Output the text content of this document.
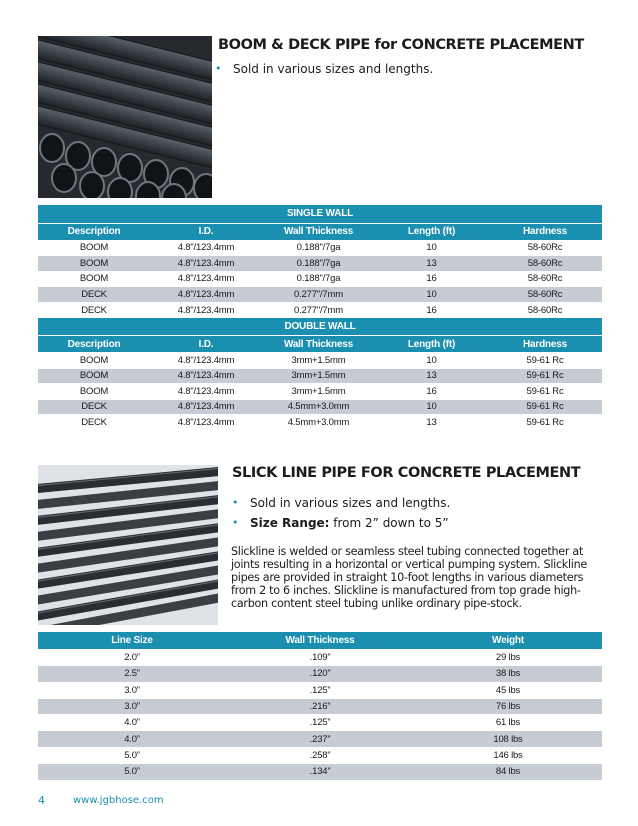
BOOM & DECK PIPE for CONCRETE PLACEMENT
• Sold in various sizes and lengths.
SINGLE WALL				
Description	I.D.	Wall Thickness	Length (ft)	Hardness
BOOM	4.8"/123.4mm	0.188"/7ga	10	58-60Rc
BOOM	4.8"/123.4mm	0.188"/7ga	13	58-60Rc
BOOM	4.8"/123.4mm	0.188"/7ga	16	58-60Rc
DECK	4.8"/123.4mm	0.277"/7mm	10	58-60Rc
DECK	4.8"/123.4mm	0.277"/7mm	16	58-60Rc
DOUBLE WALL				
Description	I.D.	Wall Thickness	Length (ft)	Hardness
BOOM	4.8"/123.4mm	3mm+1.5mm	10	59-61 Rc
BOOM	4.8"/123.4mm	3mm+1.5mm	13	59-61 Rc
BOOM	4.8"/123.4mm	3mm+1.5mm	16	59-61 Rc
DECK	4.8"/123.4mm	4.5mm+3.0mm	10	59-61 Rc
DECK	4.8"/123.4mm	4.5mm+3.0mm	13	59-61 Rc
SLICK LINE PIPE FOR CONCRETE PLACEMENT
• Sold in various sizes and lengths.
• Size Range: from 2” down to 5”

Slickline is welded or seamless steel tubing connected together at joints resulting in a horizontal or vertical pumping system. Slickline pipes are provided in straight 10-foot lengths in various diameters from 2 to 6 inches. Slickline is manufactured from top grade high-carbon content steel tubing unlike ordinary pipe-stock.

Line Size	Wall Thickness	Weight
2.0”	.109”	29 lbs
2.5”	.120”	38 lbs
3.0”	.125”	45 lbs
3.0”	.216”	76 lbs
4.0”	.125”	61 lbs
4.0”	.237”	108 lbs
5.0”	.258”	146 lbs
5.0”	.134”	84 lbs
4	www.jgbhose.com
